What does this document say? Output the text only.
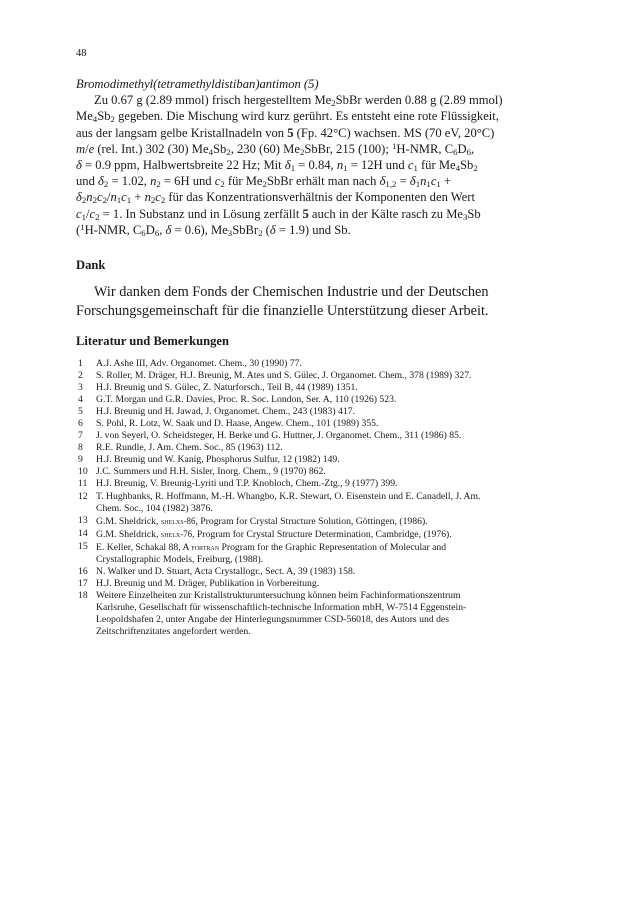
48

Bromodimethyl(tetramethyldistiban)antimon (5)

Zu 0.67 g (2.89 mmol) frisch hergestelltem $Me_2SbBr$ werden 0.88 g (2.89 mmol)
$Me_4Sb_2$ gegeben. Die Mischung wird kurz gerührt. Es entsteht eine rote Flüssigkeit,
aus der langsam gelbe Kristallnadeln von 5 (Fp. 42°C) wachsen. MS (70 eV, 20°C)
m/e (rel. Int.) 302 (30) $Me_4Sb_2$, 230 (60) $Me_2SbBr$, 215 (100); $^1$H-NMR, $C_6D_6$,
δ = 0.9 ppm, Halbwertsbreite 22 Hz; Mit $\delta_1 = 0.84$, $n_1 = 12H$ und $c_1$ für $Me_4Sb_2$
und $\delta_2 = 1.02$, $n_2 = 6H$ und $c_2$ für $Me_2SbBr$ erhält man nach $\delta_{1,2} = \delta_1n_1c_1$ +
$\delta_2n_2c_2/n_1c_1 + n_2c_2$ für das Konzentrationsverhältnis der Komponenten den Wert
$c_1/c_2 = 1$. In Substanz und in Lösung zerfällt 5 auch in der Kälte rasch zu $Me_3Sb$
($^1$H-NMR, $C_6D_6$, δ = 0.6), $Me_3SbBr_2$ (δ = 1.9) und Sb.

Dank
Wir danken dem Fonds der Chemischen Industrie und der Deutschen
Forschungsgemeinschaft für die finanzielle Unterstützung dieser Arbeit.
Literatur und Bemerkungen
1	A.J. Ashe III, Adv. Organomet. Chem., 30 (1990) 77.
2	S. Roller, M. Dräger, H.J. Breunig, M. Ates und S. Gülec, J. Organomet. Chem., 378 (1989) 327.
3	H.J. Breunig und S. Gülec, Z. Naturforsch., Teil B, 44 (1989) 1351.
4	G.T. Morgan und G.R. Davies, Proc. R. Soc. London, Ser. A, 110 (1926) 523.
5	H.J. Breunig und H. Jawad, J. Organomet. Chem., 243 (1983) 417.
6	S. Pohl, R. Lotz, W. Saak und D. Haase, Angew. Chem., 101 (1989) 355.
7	J. von Seyerl, O. Scheidsteger, H. Berke und G. Huttner, J. Organomet. Chem., 311 (1986) 85.
8	R.E. Rundle, J. Am. Chem. Soc., 85 (1963) 112.
9	H.J. Breunig und W. Kanig, Phosphorus Sulfur, 12 (1982) 149.
10 J.C. Summers und H.H. Sisler, Inorg. Chem., 9 (1970) 862.
11 H.J. Breunig, V. Breunig-Lyriti und T.P. Knobloch, Chem.-Ztg., 9 (1977) 399.
12 T. Hughbanks, R. Hoffmann, M.-H. Whangbo, K.R. Stewart, O. Eisenstein und E. Canadell, J. Am.
Chem. Soc., 104 (1982) 3876.
13 G.M. Sheldrick, shelxs-86, Program for Crystal Structure Solution, Göttingen, (1986).
14 G.M. Sheldrick, shelx-76, Program for Crystal Structure Determination, Cambridge, (1976).
15 E. Keller, Schakal 88, A fortran Program for the Graphic Representation of Molecular and
Crystallographic Models, Freiburg, (1988).
16 N. Walker und D. Stuart, Acta Crystallogr., Sect. A, 39 (1983) 158.
17 H.J. Breunig und M. Dräger, Publikation in Vorbereitung.
18 Weitere Einzelheiten zur Kristallstrukturuntersuchung können beim Fachinformationszentrum
Karlsruhe, Gesellschaft für wissenschaftlich-technische Information mbH, W-7514 Eggenstein-
Leopoldshafen 2, unter Angabe der Hinterlegungsnummer CSD-56018, des Autors und des
Zeitschriftenzitates angefordert werden.
